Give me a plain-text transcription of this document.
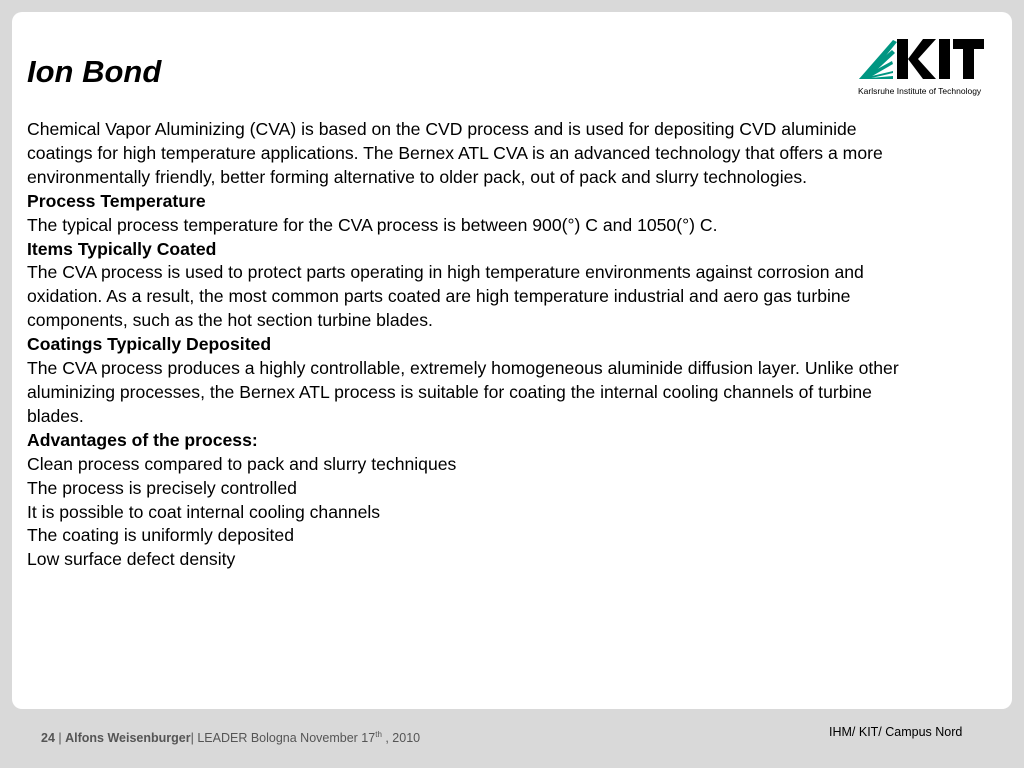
Ion Bond
Karlsruhe Institute of Technology

Chemical Vapor Aluminizing (CVA) is based on the CVD process and is used for depositing CVD aluminide coatings for high temperature applications. The Bernex ATL CVA is an advanced technology that offers a more environmentally friendly, better forming alternative to older pack, out of pack and slurry technologies.

Process Temperature

The typical process temperature for the CVA process is between 900(°) C and 1050(°) C.

Items Typically Coated

The CVA process is used to protect parts operating in high temperature environments against corrosion and oxidation. As a result, the most common parts coated are high temperature industrial and aero gas turbine components, such as the hot section turbine blades.

Coatings Typically Deposited

The CVA process produces a highly controllable, extremely homogeneous aluminide diffusion layer. Unlike other aluminizing processes, the Bernex ATL process is suitable for coating the internal cooling channels of turbine blades.

Advantages of the process:

Clean process compared to pack and slurry techniques

The process is precisely controlled

It is possible to coat internal cooling channels

The coating is uniformly deposited

Low surface defect density

24 | Alfons Weisenburger| LEADER Bologna November 17th , 2010	IHM/ KIT/ Campus Nord
